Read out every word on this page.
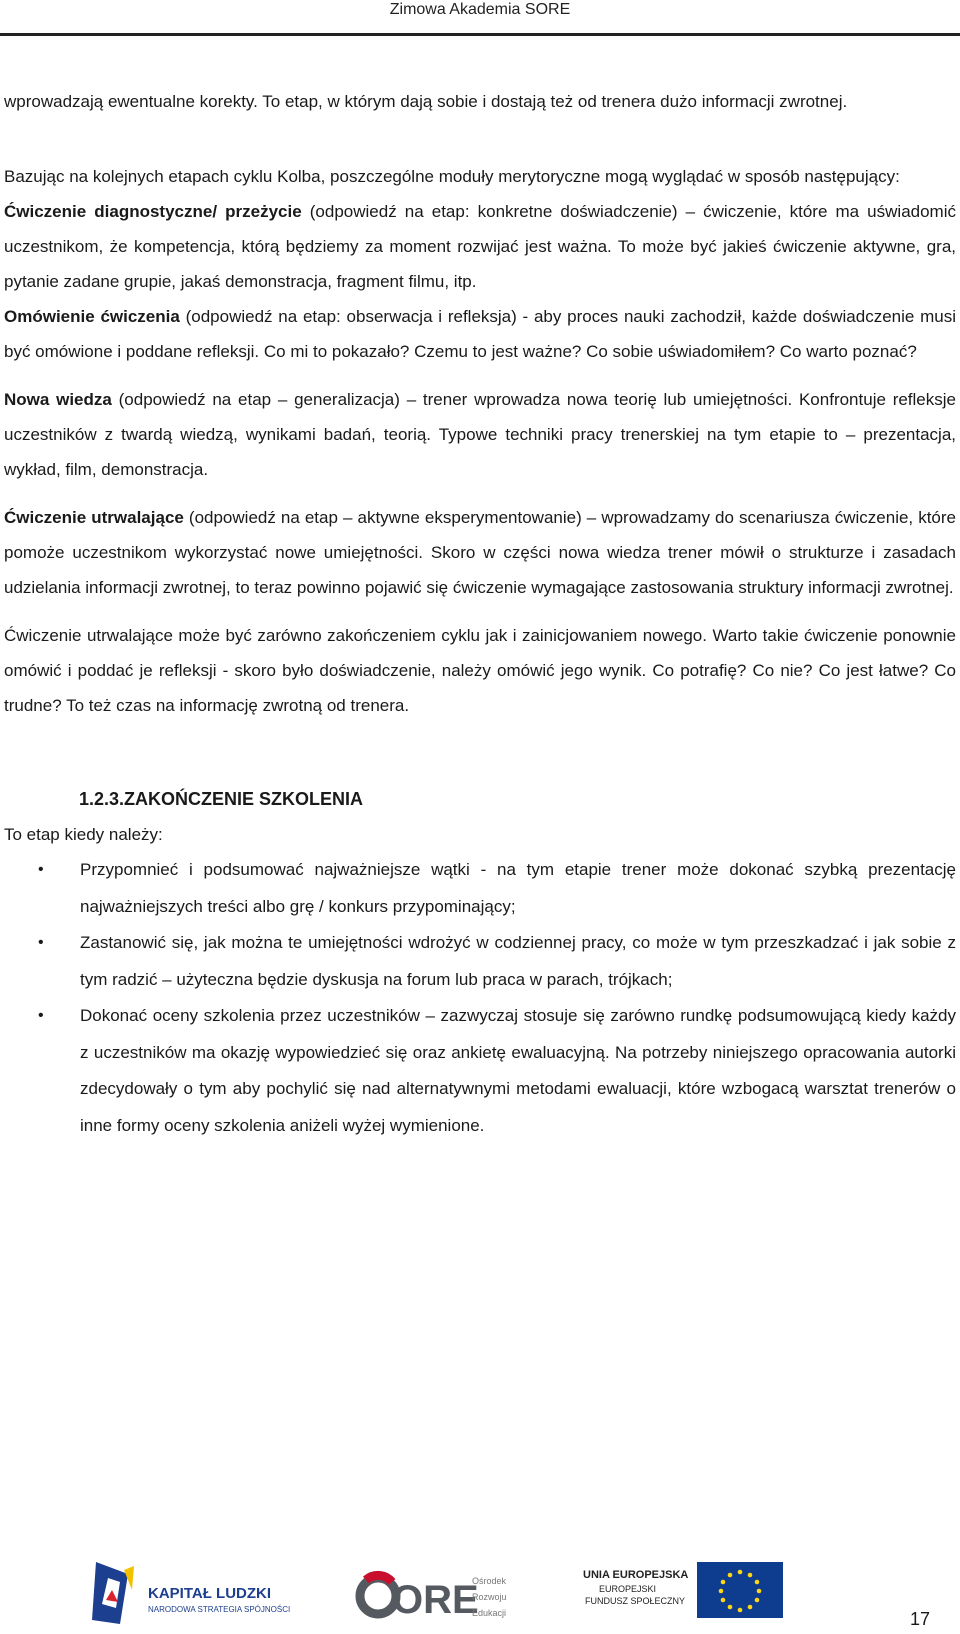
Zimowa Akademia SORE

wprowadzają ewentualne korekty. To etap, w którym dają sobie i dostają też od trenera dużo informacji zwrotnej.

Bazując na kolejnych etapach cyklu Kolba, poszczególne moduły merytoryczne mogą wyglądać w sposób następujący:

Ćwiczenie diagnostyczne/ przeżycie (odpowiedź na etap: konkretne doświadczenie) – ćwiczenie, które ma uświadomić uczestnikom, że kompetencja, którą będziemy za moment rozwijać jest ważna. To może być jakieś ćwiczenie aktywne, gra, pytanie zadane grupie, jakaś demonstracja, fragment filmu, itp.

Omówienie ćwiczenia (odpowiedź na etap: obserwacja i refleksja) - aby proces nauki zachodził, każde doświadczenie musi być omówione i poddane refleksji. Co mi to pokazało? Czemu to jest ważne? Co sobie uświadomiłem? Co warto poznać?

Nowa wiedza (odpowiedź na etap – generalizacja) – trener wprowadza nowa teorię lub umiejętności. Konfrontuje refleksje uczestników z twardą wiedzą, wynikami badań, teorią. Typowe techniki pracy trenerskiej na tym etapie to – prezentacja, wykład, film, demonstracja.

Ćwiczenie utrwalające (odpowiedź na etap – aktywne eksperymentowanie) – wprowadzamy do scenariusza ćwiczenie, które pomoże uczestnikom wykorzystać nowe umiejętności. Skoro w części nowa wiedza trener mówił o strukturze i zasadach udzielania informacji zwrotnej, to teraz powinno pojawić się ćwiczenie wymagające zastosowania struktury informacji zwrotnej.

Ćwiczenie utrwalające może być zarówno zakończeniem cyklu jak i zainicjowaniem nowego. Warto takie ćwiczenie ponownie omówić i poddać je refleksji - skoro było doświadczenie, należy omówić jego wynik. Co potrafię? Co nie? Co jest łatwe? Co trudne? To też czas na informację zwrotną od trenera.

1.2.3.ZAKOŃCZENIE SZKOLENIA

To etap kiedy należy:

• Przypomnieć i podsumować najważniejsze wątki - na tym etapie trener może dokonać szybką prezentację najważniejszych treści albo grę / konkurs przypominający;
• Zastanowić się, jak można te umiejętności wdrożyć w codziennej pracy, co może w tym przeszkadzać i jak sobie z tym radzić – użyteczna będzie dyskusja na forum lub praca w parach, trójkach;
• Dokonać oceny szkolenia przez uczestników – zazwyczaj stosuje się zarówno rundkę podsumowującą kiedy każdy z uczestników ma okazję wypowiedzieć się oraz ankietę ewaluacyjną. Na potrzeby niniejszego opracowania autorki zdecydowały o tym aby pochylić się nad alternatywnymi metodami ewaluacji, które wzbogacą warsztat trenerów o inne formy oceny szkolenia aniżeli wyżej wymienione.
KAPITAŁ LUDZKI
NARODOWA STRATEGIA SPÓJNOŚCI	ORE
Ośrodek
Rozwoju
Edukacji
UNIA EUROPEJSKA
EUROPEJSKI
FUNDUSZ SPOŁECZNY
17
